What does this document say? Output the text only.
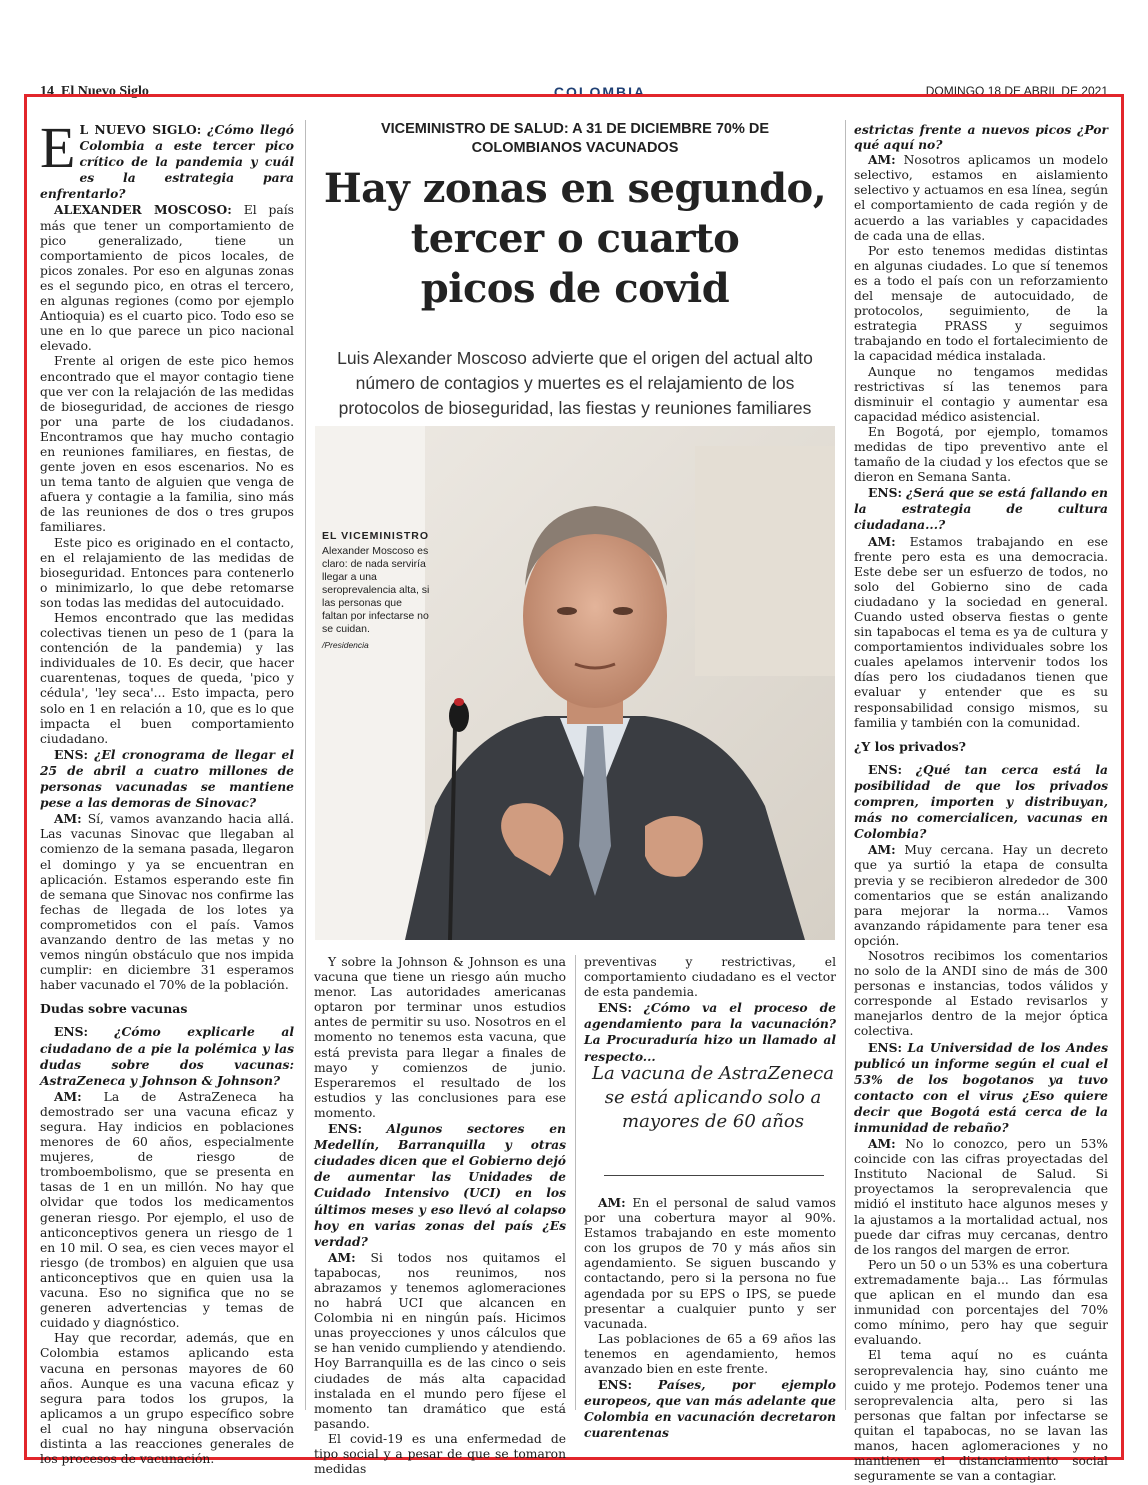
14 El Nuevo Siglo	COLOMBIA	DOMINGO 18 DE ABRIL DE 2021

E L NUEVO SIGLO: ¿Cómo llegó Colombia a este tercer pico crítico de la pandemia y cuál es la estrategia para enfrentarlo?

ALEXANDER MOSCOSO: El país más que tener un comportamiento de pico generalizado, tiene un comportamiento de picos locales, de picos zonales. Por eso en algunas zonas es el segundo pico, en otras el tercero, en algunas regiones (como por ejemplo Antioquia) es el cuarto pico. Todo eso se une en lo que parece un pico nacional elevado.

Frente al origen de este pico hemos encontrado que el mayor contagio tiene que ver con la relajación de las medidas de bioseguridad, de acciones de riesgo por una parte de los ciudadanos. Encontramos que hay mucho contagio en reuniones familiares, en fiestas, de gente joven en esos escenarios. No es un tema tanto de alguien que venga de afuera y contagie a la familia, sino más de las reuniones de dos o tres grupos familiares.

Este pico es originado en el contacto, en el relajamiento de las medidas de bioseguridad. Entonces para contenerlo o minimizarlo, lo que debe retomarse son todas las medidas del autocuidado.

Hemos encontrado que las medidas colectivas tienen un peso de 1 (para la contención de la pandemia) y las individuales de 10. Es decir, que hacer cuarentenas, toques de queda, 'pico y cédula', 'ley seca'... Esto impacta, pero solo en 1 en relación a 10, que es lo que impacta el buen comportamiento ciudadano.

ENS: ¿El cronograma de llegar el 25 de abril a cuatro millones de personas vacunadas se mantiene pese a las demoras de Sinovac?

AM: Sí, vamos avanzando hacia allá. Las vacunas Sinovac que llegaban al comienzo de la semana pasada, llegaron el domingo y ya se encuentran en aplicación. Estamos esperando este fin de semana que Sinovac nos confirme las fechas de llegada de los lotes ya comprometidos con el país. Vamos avanzando dentro de las metas y no vemos ningún obstáculo que nos impida cumplir: en diciembre 31 esperamos haber vacunado el 70% de la población.

Dudas sobre vacunas

ENS: ¿Cómo explicarle al ciudadano de a pie la polémica y las dudas sobre dos vacunas: AstraZeneca y Johnson & Johnson?

AM: La de AstraZeneca ha demostrado ser una vacuna eficaz y segura. Hay indicios en poblaciones menores de 60 años, especialmente mujeres, de riesgo de tromboembolismo, que se presenta en tasas de 1 en un millón. No hay que olvidar que todos los medicamentos generan riesgo. Por ejemplo, el uso de anticonceptivos genera un riesgo de 1 en 10 mil. O sea, es cien veces mayor el riesgo (de trombos) en alguien que usa anticonceptivos que en quien usa la vacuna. Eso no significa que no se generen advertencias y temas de cuidado y diagnóstico.

Hay que recordar, además, que en Colombia estamos aplicando esta vacuna en personas mayores de 60 años. Aunque es una vacuna eficaz y segura para todos los grupos, la aplicamos a un grupo específico sobre el cual no hay ninguna observación distinta a las reacciones generales de los procesos de vacunación.

VICEMINISTRO DE SALUD: A 31 DE DICIEMBRE 70% DE COLOMBIANOS VACUNADOS
Hay zonas en segundo,
tercer o cuarto
picos de covid
Luis Alexander Moscoso advierte que el origen del actual alto número de contagios y muertes es el relajamiento de los protocolos de bioseguridad, las fiestas y reuniones familiares
EL VICEMINISTRO
Alexander Moscoso es claro: de nada serviría llegar a una seroprevalencia alta, si las personas que faltan por infectarse no se cuidan.
/Presidencia

Y sobre la Johnson & Johnson es una vacuna que tiene un riesgo aún mucho menor. Las autoridades americanas optaron por terminar unos estudios antes de permitir su uso. Nosotros en el momento no tenemos esta vacuna, que está prevista para llegar a finales de mayo y comienzos de junio. Esperaremos el resultado de los estudios y las conclusiones para ese momento.

ENS: Algunos sectores en Medellín, Barranquilla y otras ciudades dicen que el Gobierno dejó de aumentar las Unidades de Cuidado Intensivo (UCI) en los últimos meses y eso llevó al colapso hoy en varias zonas del país ¿Es verdad?

AM: Si todos nos quitamos el tapabocas, nos reunimos, nos abrazamos y tenemos aglomeraciones no habrá UCI que alcancen en Colombia ni en ningún país. Hicimos unas proyecciones y unos cálculos que se han venido cumpliendo y atendiendo. Hoy Barranquilla es de las cinco o seis ciudades de más alta capacidad instalada en el mundo pero fíjese el momento tan dramático que está pasando.

El covid-19 es una enfermedad de tipo social y a pesar de que se tomaron medidas

preventivas y restrictivas, el comportamiento ciudadano es el vector de esta pandemia.

ENS: ¿Cómo va el proceso de agendamiento para la vacunación? La Procuraduría hizo un llamado al respecto...

La vacuna de AstraZeneca se está aplicando solo a mayores de 60 años

AM: En el personal de salud vamos por una cobertura mayor al 90%. Estamos trabajando en este momento con los grupos de 70 y más años sin agendamiento. Se siguen buscando y contactando, pero si la persona no fue agendada por su EPS o IPS, se puede presentar a cualquier punto y ser vacunada.

Las poblaciones de 65 a 69 años las tenemos en agendamiento, hemos avanzado bien en este frente.

ENS: Países, por ejemplo europeos, que van más adelante que Colombia en vacunación decretaron cuarentenas

estrictas frente a nuevos picos ¿Por qué aquí no?

AM: Nosotros aplicamos un modelo selectivo, estamos en aislamiento selectivo y actuamos en esa línea, según el comportamiento de cada región y de acuerdo a las variables y capacidades de cada una de ellas.

Por esto tenemos medidas distintas en algunas ciudades. Lo que sí tenemos es a todo el país con un reforzamiento del mensaje de autocuidado, de protocolos, seguimiento, de la estrategia PRASS y seguimos trabajando en todo el fortalecimiento de la capacidad médica instalada.

Aunque no tengamos medidas restrictivas sí las tenemos para disminuir el contagio y aumentar esa capacidad médico asistencial.

En Bogotá, por ejemplo, tomamos medidas de tipo preventivo ante el tamaño de la ciudad y los efectos que se dieron en Semana Santa.

ENS: ¿Será que se está fallando en la estrategia de cultura ciudadana...?

AM: Estamos trabajando en ese frente pero esta es una democracia. Este debe ser un esfuerzo de todos, no solo del Gobierno sino de cada ciudadano y la sociedad en general. Cuando usted observa fiestas o gente sin tapabocas el tema es ya de cultura y comportamientos individuales sobre los cuales apelamos intervenir todos los días pero los ciudadanos tienen que evaluar y entender que es su responsabilidad consigo mismos, su familia y también con la comunidad.

¿Y los privados?

ENS: ¿Qué tan cerca está la posibilidad de que los privados compren, importen y distribuyan, más no comercialicen, vacunas en Colombia?

AM: Muy cercana. Hay un decreto que ya surtió la etapa de consulta previa y se recibieron alrededor de 300 comentarios que se están analizando para mejorar la norma... Vamos avanzando rápidamente para tener esa opción.

Nosotros recibimos los comentarios no solo de la ANDI sino de más de 300 personas e instancias, todos válidos y corresponde al Estado revisarlos y manejarlos dentro de la mejor óptica colectiva.

ENS: La Universidad de los Andes publicó un informe según el cual el 53% de los bogotanos ya tuvo contacto con el virus ¿Eso quiere decir que Bogotá está cerca de la inmunidad de rebaño?

AM: No lo conozco, pero un 53% coincide con las cifras proyectadas del Instituto Nacional de Salud. Si proyectamos la seroprevalencia que midió el instituto hace algunos meses y la ajustamos a la mortalidad actual, nos puede dar cifras muy cercanas, dentro de los rangos del margen de error.

Pero un 50 o un 53% es una cobertura extremadamente baja... Las fórmulas que aplican en el mundo dan esa inmunidad con porcentajes del 70% como mínimo, pero hay que seguir evaluando.

El tema aquí no es cuánta seroprevalencia hay, sino cuánto me cuido y me protejo. Podemos tener una seroprevalencia alta, pero si las personas que faltan por infectarse se quitan el tapabocas, no se lavan las manos, hacen aglomeraciones y no mantienen el distanciamiento social seguramente se van a contagiar.
